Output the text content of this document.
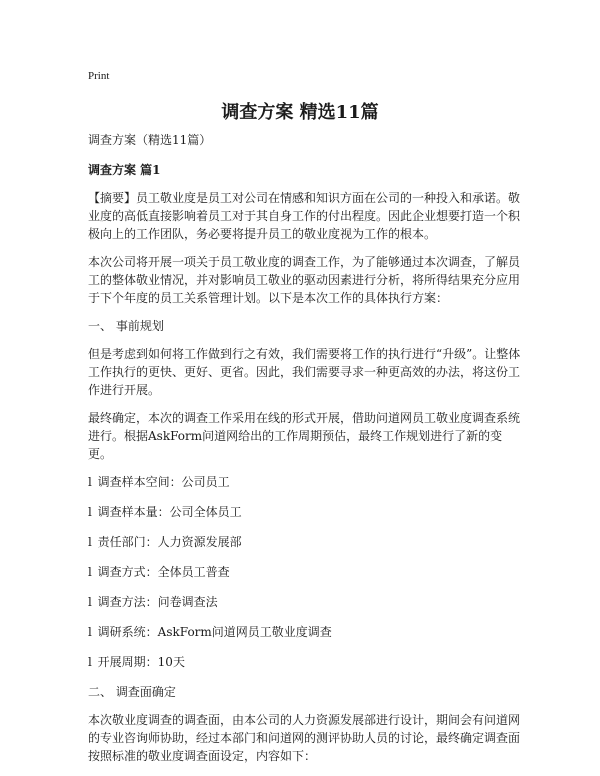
Print
调查方案 精选11篇

调查方案（精选11篇）

调查方案 篇1

【摘要】员工敬业度是员工对公司在情感和知识方面在公司的一种投入和承诺。敬业度的高低直接影响着员工对于其自身工作的付出程度。因此企业想要打造一个积极向上的工作团队，务必要将提升员工的敬业度视为工作的根本。

本次公司将开展一项关于员工敬业度的调查工作，为了能够通过本次调查，了解员工的整体敬业情况，并对影响员工敬业的驱动因素进行分析，将所得结果充分应用于下个年度的员工关系管理计划。以下是本次工作的具体执行方案：

一、 事前规划

但是考虑到如何将工作做到行之有效，我们需要将工作的执行进行“升级”。让整体工作执行的更快、更好、更省。因此，我们需要寻求一种更高效的办法，将这份工作进行开展。

最终确定，本次的调查工作采用在线的形式开展，借助问道网员工敬业度调查系统进行。根据AskForm问道网给出的工作周期预估，最终工作规划进行了新的变更。

l 调查样本空间：公司员工

l 调查样本量：公司全体员工

l 责任部门：人力资源发展部

l 调查方式：全体员工普查

l 调查方法：问卷调查法

l 调研系统：AskForm问道网员工敬业度调查

l 开展周期：10天

二、 调查面确定

本次敬业度调查的调查面，由本公司的人力资源发展部进行设计，期间会有问道网的专业咨询师协助，经过本部门和问道网的测评协助人员的讨论，最终确定调查面按照标准的敬业度调查面设定，内容如下：
